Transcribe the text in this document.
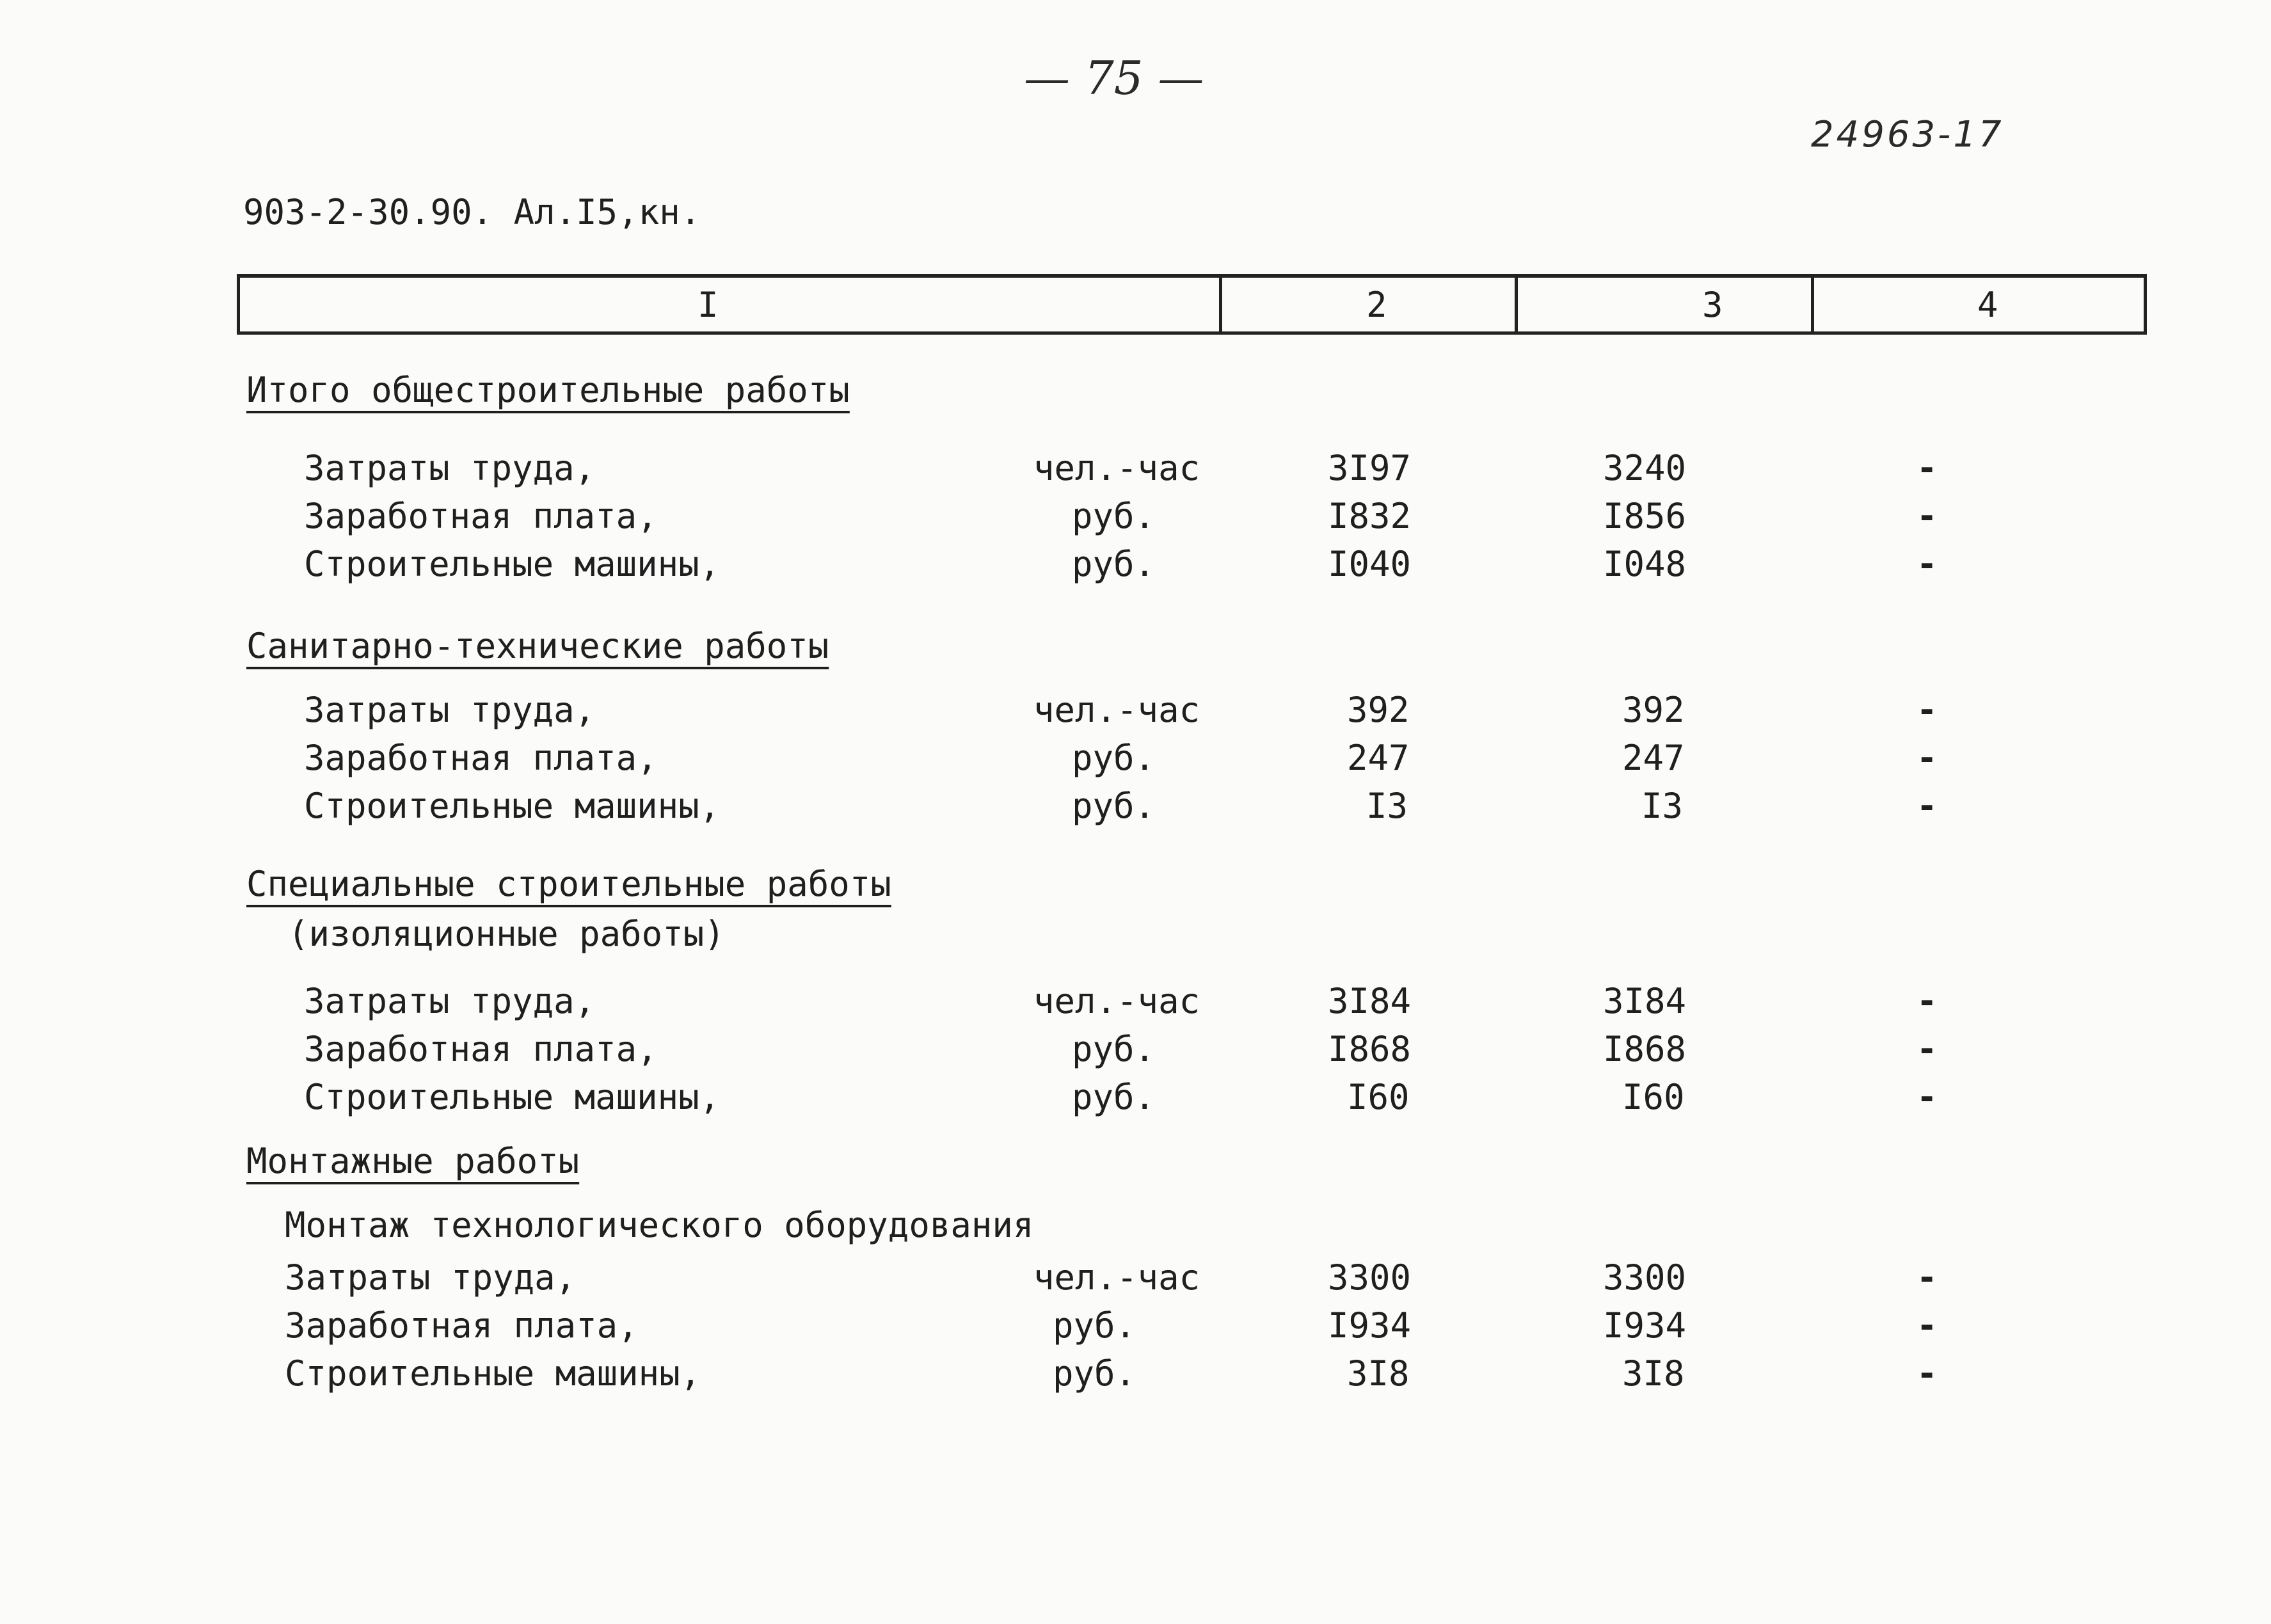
— 75 —
24963-17
903-2-30.90. Ал.I5,кн.
I	2	3	4
Итого общестроительные работы
Затраты труда,	чел.-час	3I97	3240	-
Заработная плата,	руб.	I832	I856	-
Строительные машины,	руб.	I040	I048	-
Санитарно-технические работы
Затраты труда,	чел.-час	392	392	-
Заработная плата,	руб.	247	247	-
Строительные машины,	руб.	I3	I3	-
Специальные строительные работы
(изоляционные работы)
Затраты труда,	чел.-час	3I84	3I84	-
Заработная плата,	руб.	I868	I868	-
Строительные машины,	руб.	I60	I60	-
Монтажные работы
Монтаж технологического оборудования
Затраты труда,	чел.-час	3300	3300	-
Заработная плата,	руб.	I934	I934	-
Строительные машины,	руб.	3I8	3I8	-
